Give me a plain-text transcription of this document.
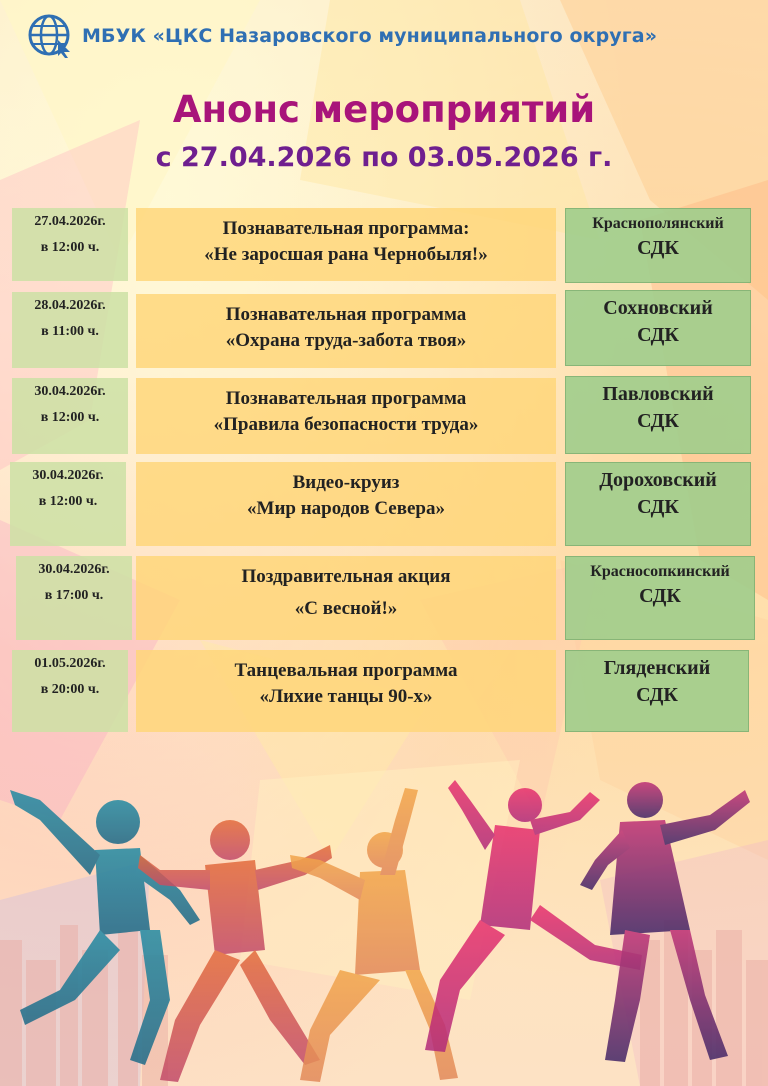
МБУК «ЦКС Назаровского муниципального округа»
Анонс мероприятий
с 27.04.2026 по 03.05.2026 г.
27.04.2026г.
в 12:00 ч.
Познавательная программа:
«Не заросшая рана Чернобыля!»
Краснополянский
СДК
28.04.2026г.
в 11:00 ч.
Познавательная программа
«Охрана труда-забота твоя»
Сохновский
СДК
30.04.2026г.
в 12:00 ч.
Познавательная программа
«Правила безопасности труда»
Павловский
СДК
30.04.2026г.
в 12:00 ч.
Видео-круиз
«Мир народов Севера»
Дороховский
СДК
30.04.2026г.
в 17:00 ч.
Поздравительная акция
«С весной!»
Красносопкинский
СДК
01.05.2026г.
в 20:00 ч.
Танцевальная программа
«Лихие танцы 90-х»
Гляденский
СДК
